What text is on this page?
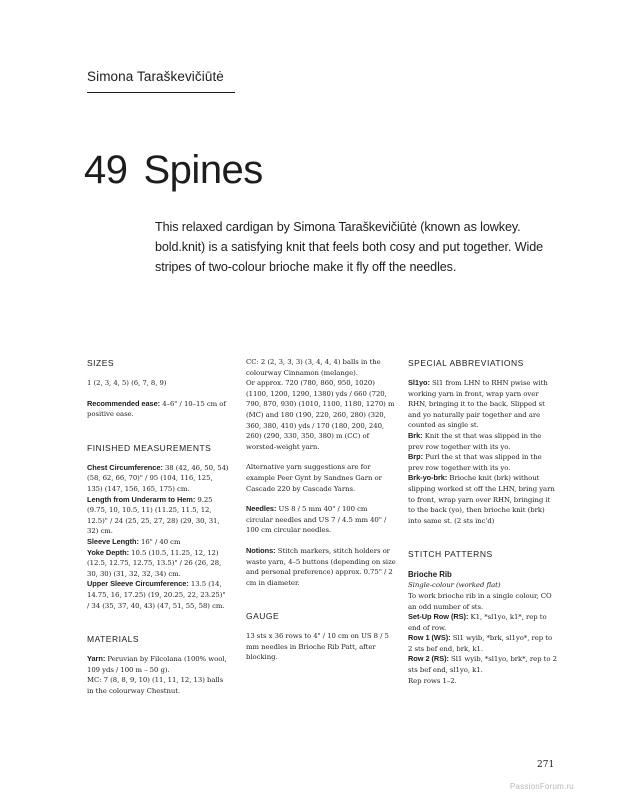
Simona Taraškevičiūtė
49 Spines
This relaxed cardigan by Simona Taraškevičiūtė (known as lowkey. bold.knit) is a satisfying knit that feels both cosy and put together. Wide stripes of two-colour brioche make it fly off the needles.
SIZES

1 (2, 3, 4, 5) (6, 7, 8, 9)

Recommended ease: 4–6" / 10–15 cm of positive ease.

FINISHED MEASUREMENTS

Chest Circumference: 38 (42, 46, 50, 54) (58, 62, 66, 70)" / 95 (104, 116, 125, 135) (147, 156, 165, 175) cm.

Length from Underarm to Hem: 9.25 (9.75, 10, 10.5, 11) (11.25, 11.5, 12, 12.5)" / 24 (25, 25, 27, 28) (29, 30, 31, 32) cm.

Sleeve Length: 16" / 40 cm

Yoke Depth: 10.5 (10.5, 11.25, 12, 12) (12.5, 12.75, 12.75, 13.5)" / 26 (26, 28, 30, 30) (31, 32, 32, 34) cm.

Upper Sleeve Circumference: 13.5 (14, 14.75, 16, 17.25) (19, 20.25, 22, 23.25)" / 34 (35, 37, 40, 43) (47, 51, 55, 58) cm.

MATERIALS

Yarn: Peruvian by Filcolana (100% wool, 109 yds / 100 m – 50 g).

MC: 7 (8, 8, 9, 10) (11, 11, 12, 13) balls in the colourway Chestnut.

CC: 2 (2, 3, 3, 3) (3, 4, 4, 4) balls in the colourway Cinnamon (melange).

Or approx. 720 (780, 860, 950, 1020) (1100, 1200, 1290, 1380) yds / 660 (720, 790, 870, 930) (1010, 1100, 1180, 1270) m (MC) and 180 (190, 220, 260, 280) (320, 360, 380, 410) yds / 170 (180, 200, 240, 260) (290, 330, 350, 380) m (CC) of worsted-weight yarn.

Alternative yarn suggestions are for example Peer Gynt by Sandnes Garn or Cascade 220 by Cascade Yarns.

Needles: US 8 / 5 mm 40" / 100 cm circular needles and US 7 / 4.5 mm 40" / 100 cm circular needles.

Notions: Stitch markers, stitch holders or waste yarn, 4–5 buttons (depending on size and personal preference) approx. 0.75" / 2 cm in diameter.

GAUGE

13 sts x 36 rows to 4" / 10 cm on US 8 / 5 mm needles in Brioche Rib Patt, after blocking.

SPECIAL ABBREVIATIONS

Sl1yo: Sl1 from LHN to RHN pwise with working yarn in front, wrap yarn over RHN, bringing it to the back. Slipped st and yo naturally pair together and are counted as single st.

Brk: Knit the st that was slipped in the prev row together with its yo.

Brp: Purl the st that was slipped in the prev row together with its yo.

Brk-yo-brk: Brioche knit (brk) without slipping worked st off the LHN, bring yarn to front, wrap yarn over RHN, bringing it to the back (yo), then brioche knit (brk) into same st. (2 sts inc'd)

STITCH PATTERNS

Brioche Rib

Single-colour (worked flat)

To work brioche rib in a single colour, CO an odd number of sts.

Set-Up Row (RS): K1, *sl1yo, k1*, rep to end of row.

Row 1 (WS): Sl1 wyib, *brk, sl1yo*, rep to 2 sts bef end, brk, k1.

Row 2 (RS): Sl1 wyib, *sl1yo, brk*, rep to 2 sts bef end, sl1yo, k1.

Rep rows 1–2.

271
PassionForum.ru
